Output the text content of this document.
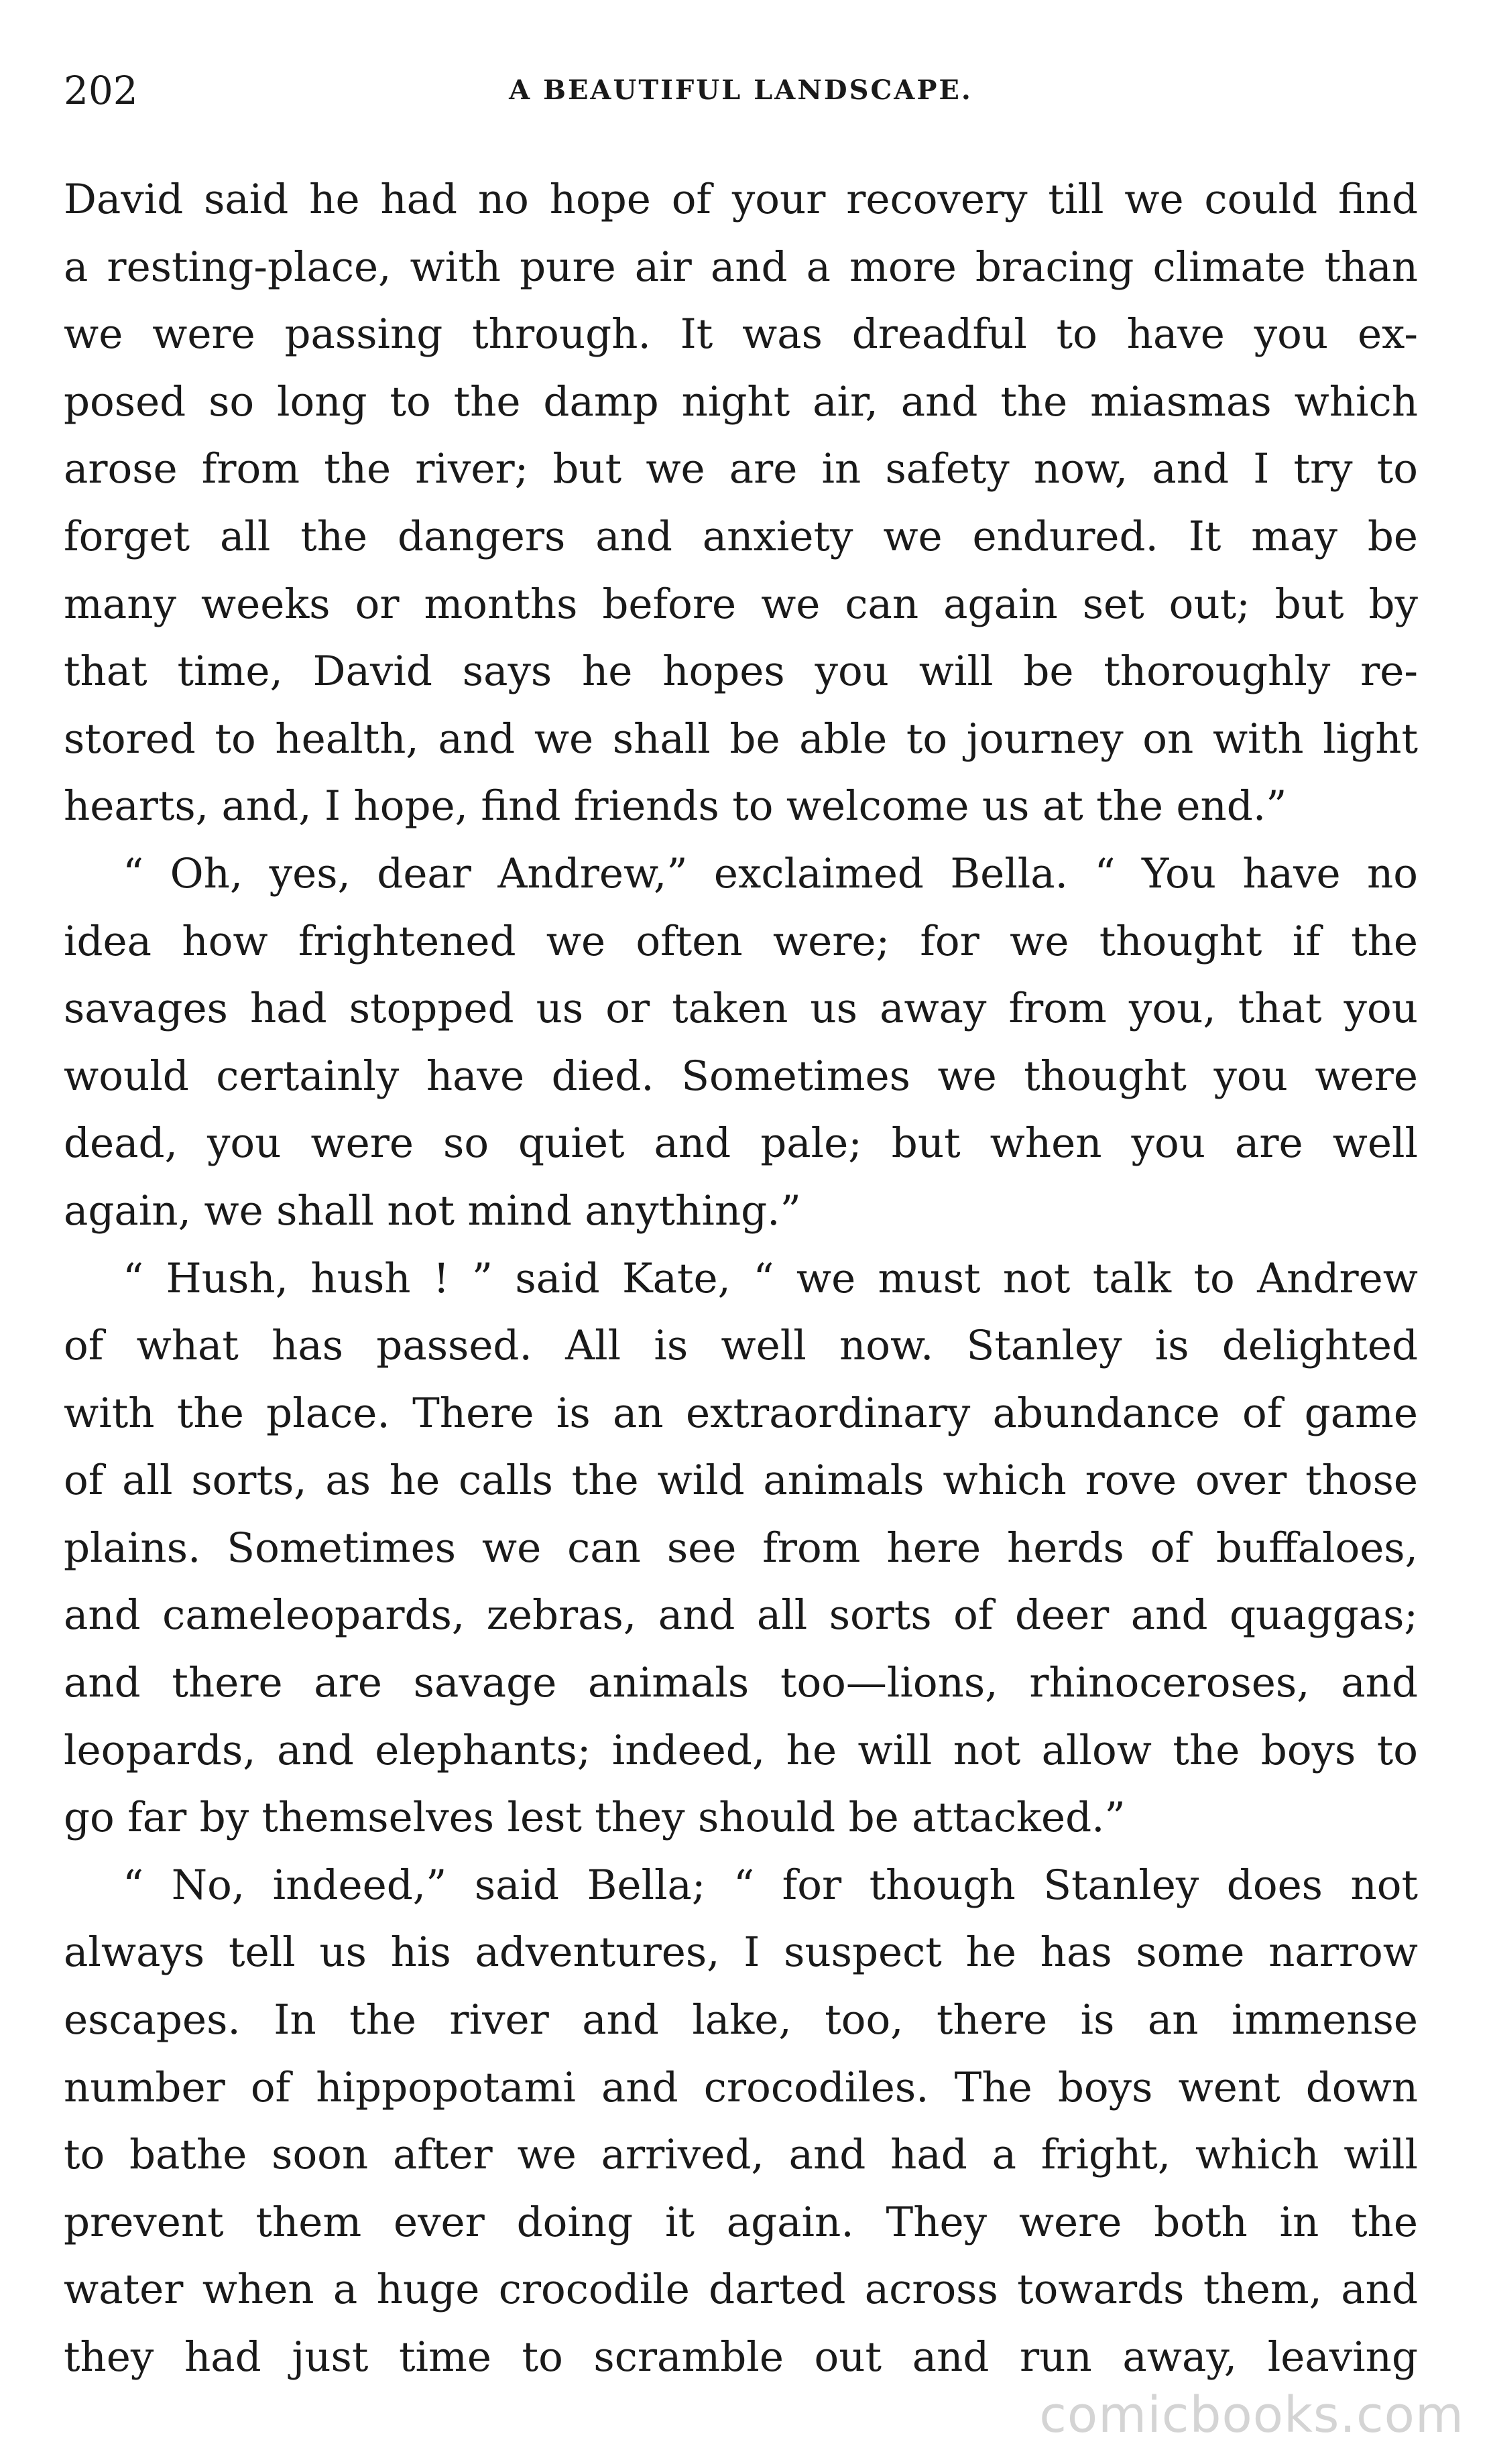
202	A BEAUTIFUL LANDSCAPE.
David said he had no hope of your recovery till we could find
a resting-place, with pure air and a more bracing climate than
we were passing through. It was dreadful to have you ex-
posed so long to the damp night air, and the miasmas which
arose from the river; but we are in safety now, and I try to
forget all the dangers and anxiety we endured. It may be
many weeks or months before we can again set out; but by
that time, David says he hopes you will be thoroughly re-
stored to health, and we shall be able to journey on with light
hearts, and, I hope, find friends to welcome us at the end.”
“ Oh, yes, dear Andrew,” exclaimed Bella. “ You have no
idea how frightened we often were; for we thought if the
savages had stopped us or taken us away from you, that you
would certainly have died. Sometimes we thought you were
dead, you were so quiet and pale; but when you are well
again, we shall not mind anything.”
“ Hush, hush ! ” said Kate, “ we must not talk to Andrew
of what has passed. All is well now. Stanley is delighted
with the place. There is an extraordinary abundance of game
of all sorts, as he calls the wild animals which rove over those
plains. Sometimes we can see from here herds of buffaloes,
and cameleopards, zebras, and all sorts of deer and quaggas;
and there are savage animals too—lions, rhinoceroses, and
leopards, and elephants; indeed, he will not allow the boys to
go far by themselves lest they should be attacked.”
“ No, indeed,” said Bella; “ for though Stanley does not
always tell us his adventures, I suspect he has some narrow
escapes. In the river and lake, too, there is an immense
number of hippopotami and crocodiles. The boys went down
to bathe soon after we arrived, and had a fright, which will
prevent them ever doing it again. They were both in the
water when a huge crocodile darted across towards them, and
they had just time to scramble out and run away, leaving
comicbooks.com
